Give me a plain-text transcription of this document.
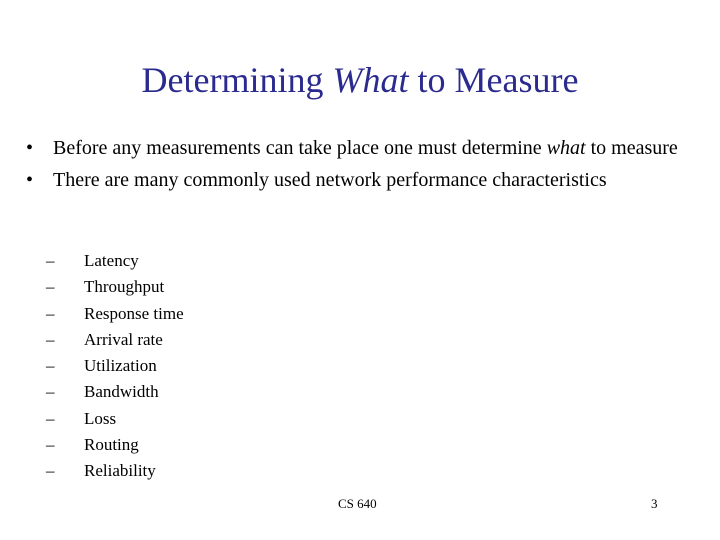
Determining What to Measure
• Before any measurements can take place one must determine what to measure
• There are many commonly used network performance characteristics
– Latency
– Throughput
– Response time
– Arrival rate
– Utilization
– Bandwidth
– Loss
– Routing
– Reliability
CS 640	3
